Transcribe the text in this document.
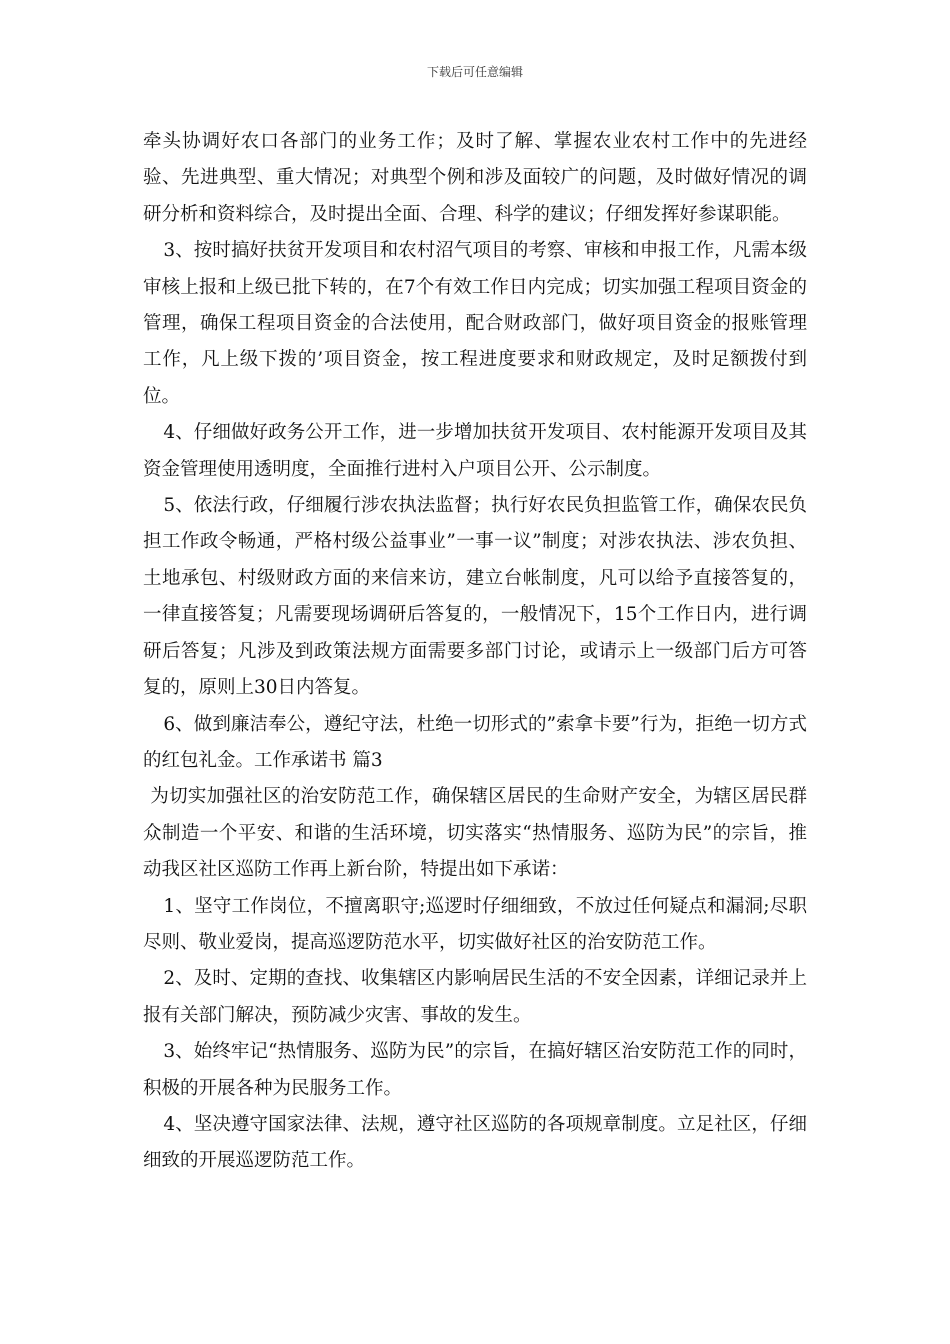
下载后可任意编辑

牵头协调好农口各部门的业务工作；及时了解、掌握农业农村工作中的先进经验、先进典型、重大情况；对典型个例和涉及面较广的问题，及时做好情况的调研分析和资料综合，及时提出全面、合理、科学的建议；仔细发挥好参谋职能。

3、按时搞好扶贫开发项目和农村沼气项目的考察、审核和申报工作，凡需本级审核上报和上级已批下转的，在7个有效工作日内完成；切实加强工程项目资金的管理，确保工程项目资金的合法使用，配合财政部门，做好项目资金的报账管理工作，凡上级下拨的’项目资金，按工程进度要求和财政规定，及时足额拨付到位。

4、仔细做好政务公开工作，进一步增加扶贫开发项目、农村能源开发项目及其资金管理使用透明度，全面推行进村入户项目公开、公示制度。

5、依法行政，仔细履行涉农执法监督；执行好农民负担监管工作，确保农民负担工作政令畅通，严格村级公益事业”一事一议”制度；对涉农执法、涉农负担、土地承包、村级财政方面的来信来访，建立台帐制度，凡可以给予直接答复的，一律直接答复；凡需要现场调研后答复的，一般情况下，15个工作日内，进行调研后答复；凡涉及到政策法规方面需要多部门讨论，或请示上一级部门后方可答复的，原则上30日内答复。

6、做到廉洁奉公，遵纪守法，杜绝一切形式的”索拿卡要”行为，拒绝一切方式的红包礼金。工作承诺书 篇3

为切实加强社区的治安防范工作，确保辖区居民的生命财产安全，为辖区居民群众制造一个平安、和谐的生活环境，切实落实“热情服务、巡防为民”的宗旨，推动我区社区巡防工作再上新台阶，特提出如下承诺：

1、坚守工作岗位，不擅离职守;巡逻时仔细细致，不放过任何疑点和漏洞;尽职尽则、敬业爱岗，提高巡逻防范水平，切实做好社区的治安防范工作。

2、及时、定期的查找、收集辖区内影响居民生活的不安全因素，详细记录并上报有关部门解决，预防减少灾害、事故的发生。

3、始终牢记“热情服务、巡防为民”的宗旨，在搞好辖区治安防范工作的同时，积极的开展各种为民服务工作。

4、坚决遵守国家法律、法规，遵守社区巡防的各项规章制度。立足社区，仔细细致的开展巡逻防范工作。
